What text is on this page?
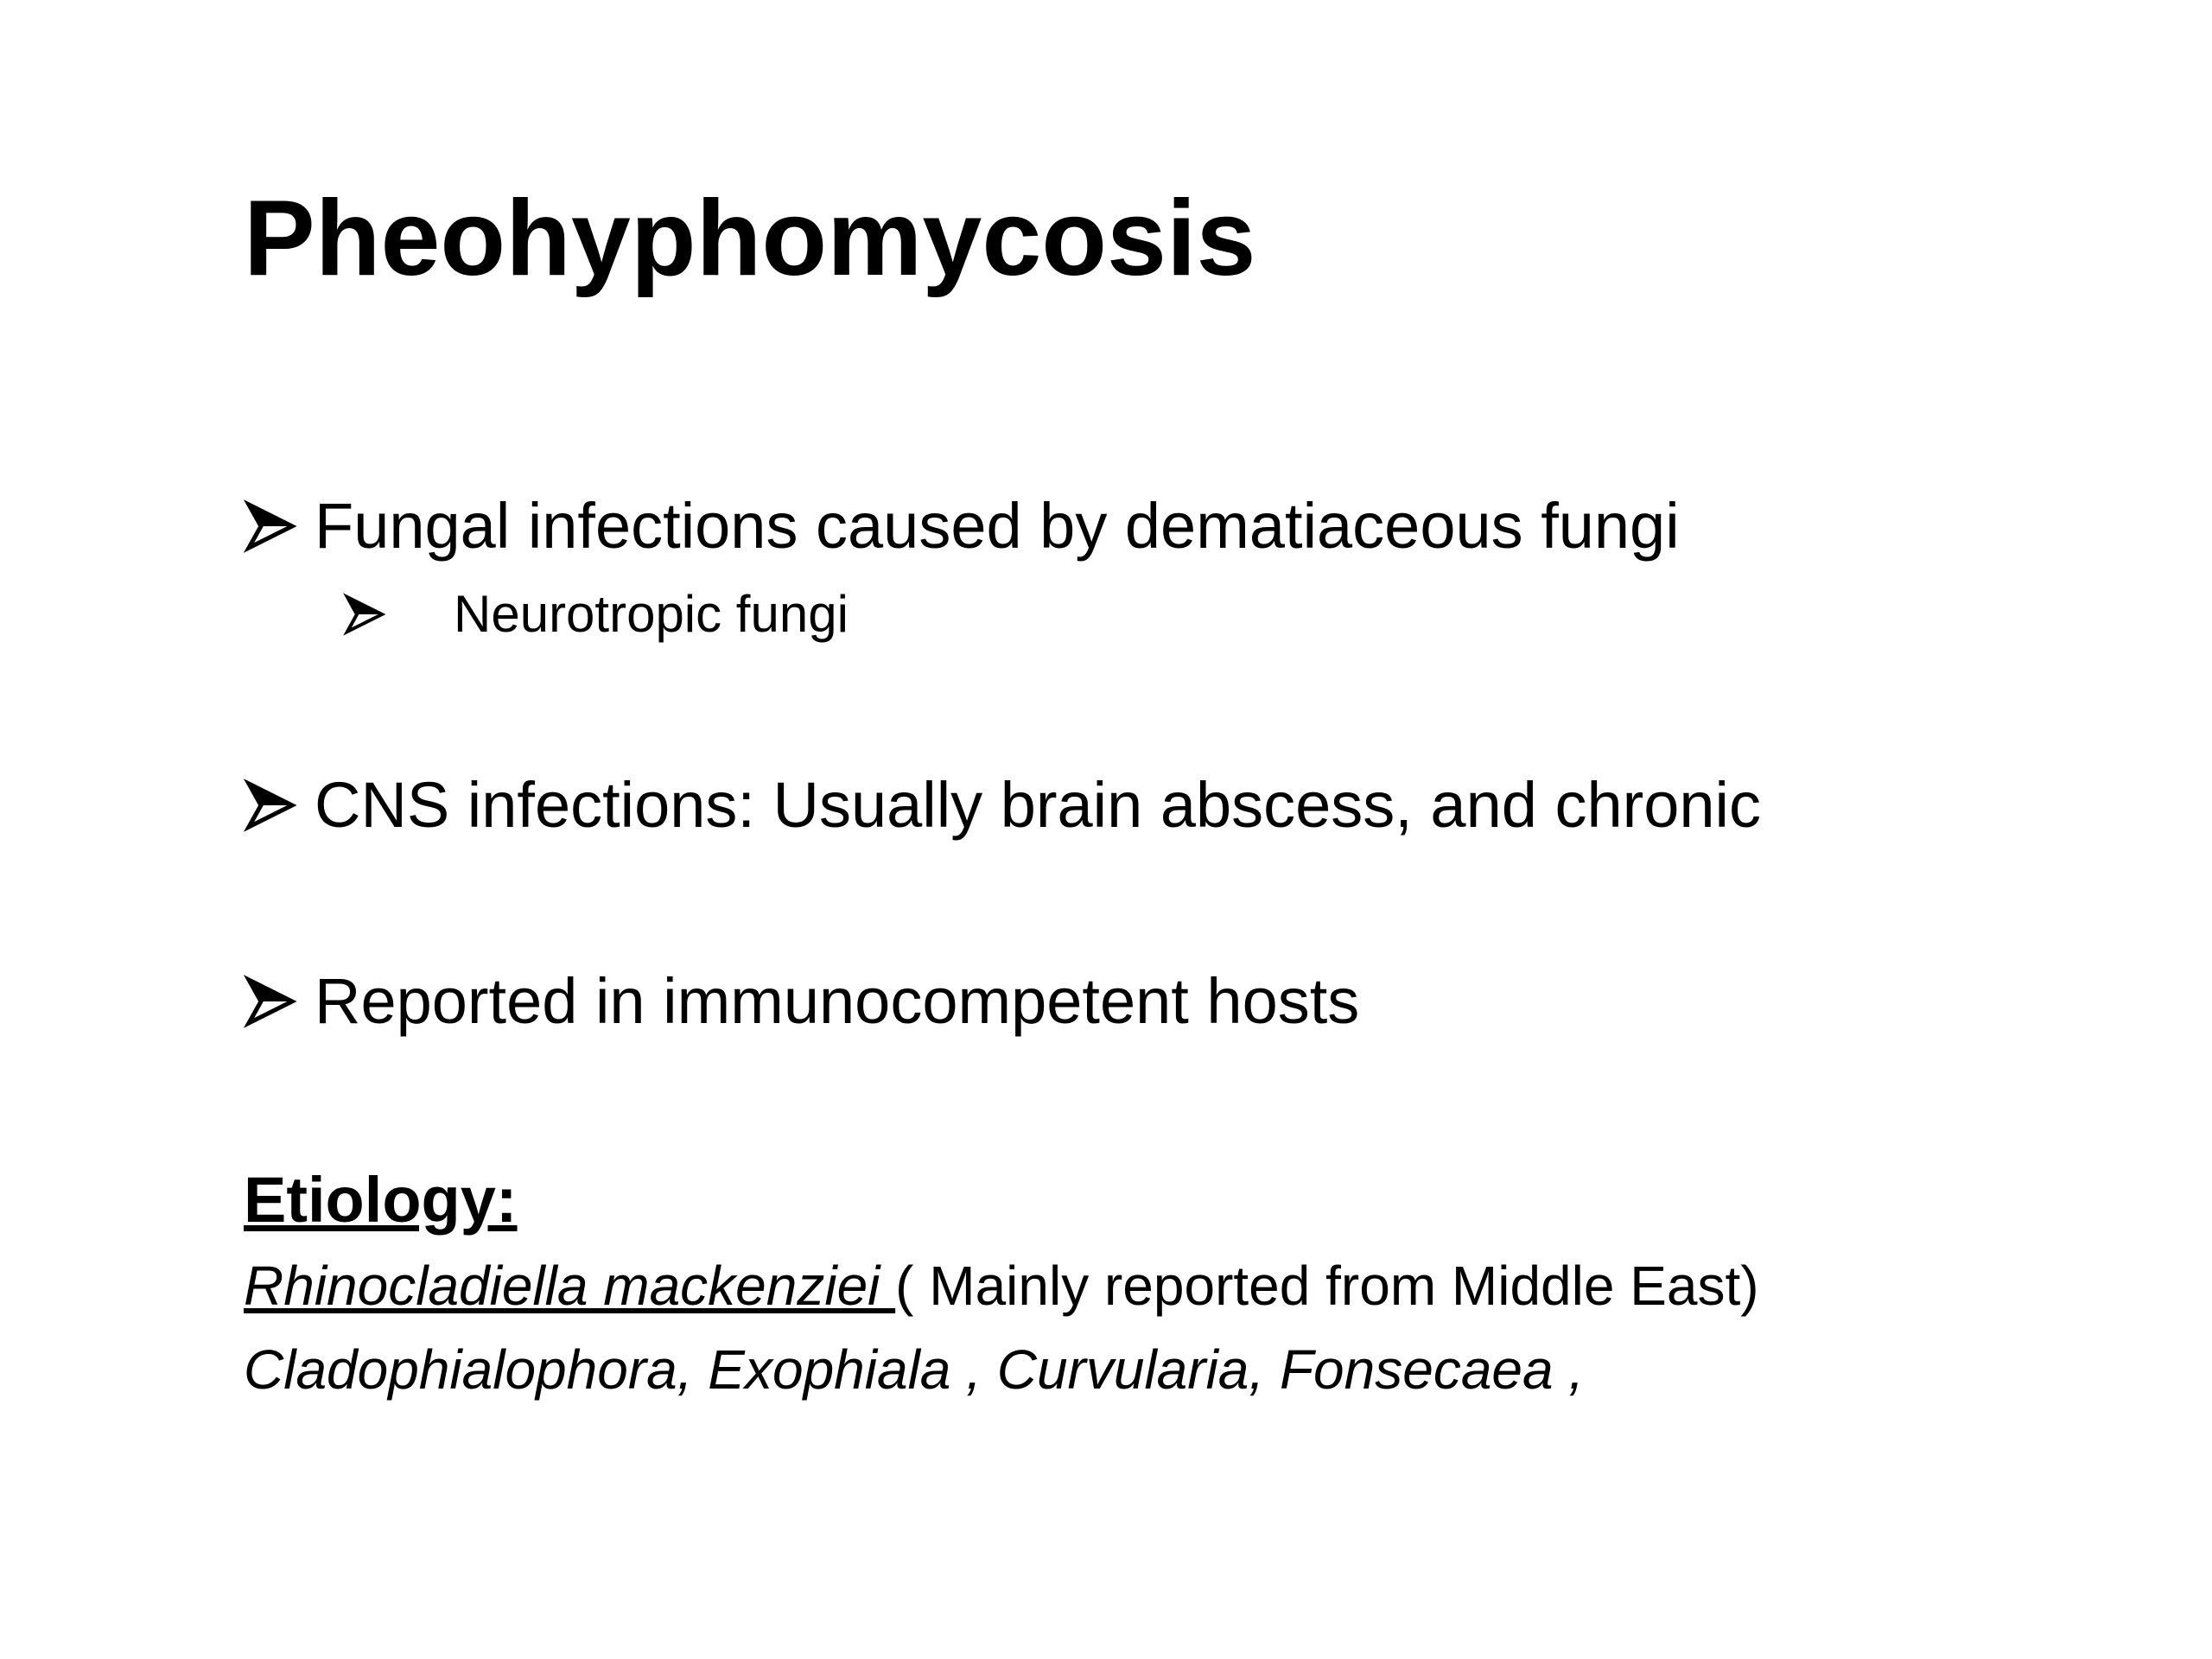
Pheohyphomycosis
Fungal infections caused by dematiaceous fungi
Neurotropic fungi
CNS infections: Usually brain abscess, and chronic
Reported in immunocompetent hosts
Etiology:
Rhinocladiella mackenziei ( Mainly reported from Middle East)
Cladophialophora, Exophiala , Curvularia, Fonsecaea ,
